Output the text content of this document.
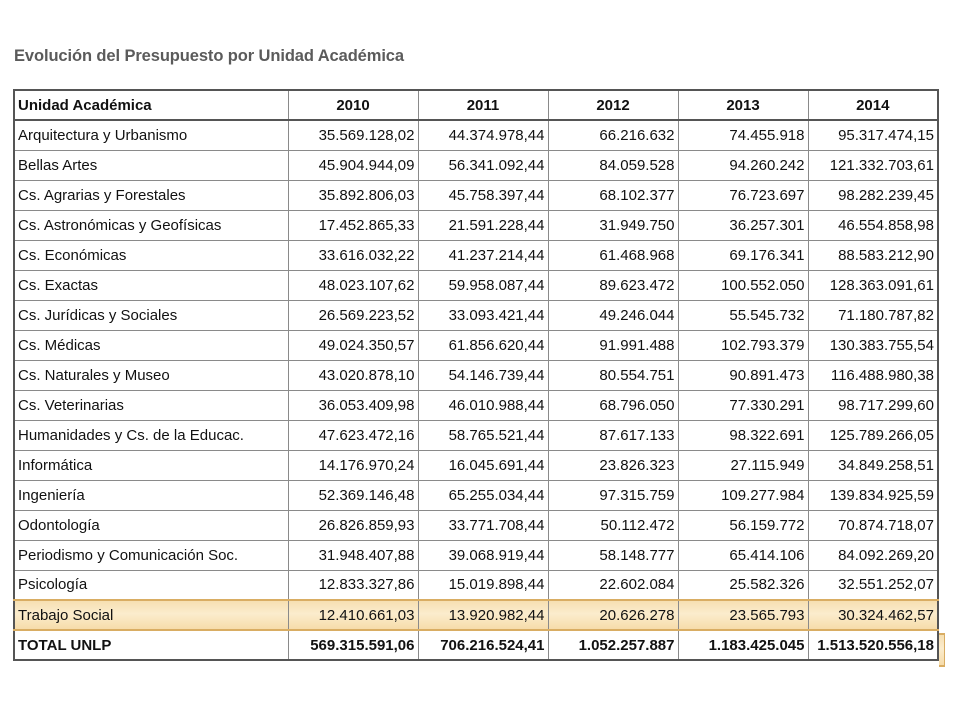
Evolución del Presupuesto por Unidad Académica
Unidad Académica	2010	2011	2012	2013	2014
Arquitectura y Urbanismo	35.569.128,02	44.374.978,44	66.216.632	74.455.918	95.317.474,15
Bellas Artes	45.904.944,09	56.341.092,44	84.059.528	94.260.242	121.332.703,61
Cs. Agrarias y Forestales	35.892.806,03	45.758.397,44	68.102.377	76.723.697	98.282.239,45
Cs. Astronómicas y Geofísicas	17.452.865,33	21.591.228,44	31.949.750	36.257.301	46.554.858,98
Cs. Económicas	33.616.032,22	41.237.214,44	61.468.968	69.176.341	88.583.212,90
Cs. Exactas	48.023.107,62	59.958.087,44	89.623.472	100.552.050	128.363.091,61
Cs. Jurídicas y Sociales	26.569.223,52	33.093.421,44	49.246.044	55.545.732	71.180.787,82
Cs. Médicas	49.024.350,57	61.856.620,44	91.991.488	102.793.379	130.383.755,54
Cs. Naturales y Museo	43.020.878,10	54.146.739,44	80.554.751	90.891.473	116.488.980,38
Cs. Veterinarias	36.053.409,98	46.010.988,44	68.796.050	77.330.291	98.717.299,60
Humanidades y Cs. de la Educac.	47.623.472,16	58.765.521,44	87.617.133	98.322.691	125.789.266,05
Informática	14.176.970,24	16.045.691,44	23.826.323	27.115.949	34.849.258,51
Ingeniería	52.369.146,48	65.255.034,44	97.315.759	109.277.984	139.834.925,59
Odontología	26.826.859,93	33.771.708,44	50.112.472	56.159.772	70.874.718,07
Periodismo y Comunicación Soc.	31.948.407,88	39.068.919,44	58.148.777	65.414.106	84.092.269,20
Psicología	12.833.327,86	15.019.898,44	22.602.084	25.582.326	32.551.252,07
Trabajo Social	12.410.661,03	13.920.982,44	20.626.278	23.565.793	30.324.462,57
TOTAL UNLP	569.315.591,06	706.216.524,41	1.052.257.887	1.183.425.045	1.513.520.556,18
